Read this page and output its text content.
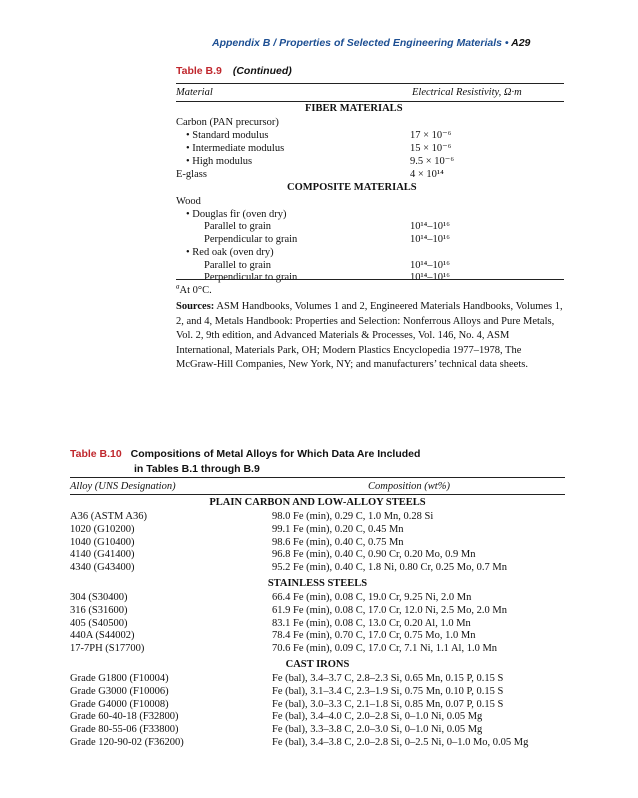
Appendix B / Properties of Selected Engineering Materials • A29
Table B.9 (Continued)
Material	Electrical Resistivity, Ω·m
FIBER MATERIALS
Carbon (PAN precursor)
• Standard modulus	17 × 10⁻⁶
• Intermediate modulus	15 × 10⁻⁶
• High modulus	9.5 × 10⁻⁶
E-glass	4 × 10¹⁴
COMPOSITE MATERIALS
Wood
• Douglas fir (oven dry)
Parallel to grain	10¹⁴–10¹⁶
Perpendicular to grain	10¹⁴–10¹⁶
• Red oak (oven dry)
Parallel to grain	10¹⁴–10¹⁶
Perpendicular to grain	10¹⁴–10¹⁶
$^a$At 0°C.
Sources: ASM Handbooks, Volumes 1 and 2, Engineered Materials Handbooks, Volumes 1, 2, and 4, Metals Handbook: Properties and Selection: Nonferrous Alloys and Pure Metals, Vol. 2, 9th edition, and Advanced Materials & Processes, Vol. 146, No. 4, ASM International, Materials Park, OH; Modern Plastics Encyclopedia 1977–1978, The McGraw-Hill Companies, New York, NY; and manufacturers’ technical data sheets.
Table B.10 Compositions of Metal Alloys for Which Data Are Included
in Tables B.1 through B.9
Alloy (UNS Designation)	Composition (wt%)
PLAIN CARBON AND LOW-ALLOY STEELS
A36 (ASTM A36)	98.0 Fe (min), 0.29 C, 1.0 Mn, 0.28 Si
1020 (G10200)	99.1 Fe (min), 0.20 C, 0.45 Mn
1040 (G10400)	98.6 Fe (min), 0.40 C, 0.75 Mn
4140 (G41400)	96.8 Fe (min), 0.40 C, 0.90 Cr, 0.20 Mo, 0.9 Mn
4340 (G43400)	95.2 Fe (min), 0.40 C, 1.8 Ni, 0.80 Cr, 0.25 Mo, 0.7 Mn
STAINLESS STEELS
304 (S30400)	66.4 Fe (min), 0.08 C, 19.0 Cr, 9.25 Ni, 2.0 Mn
316 (S31600)	61.9 Fe (min), 0.08 C, 17.0 Cr, 12.0 Ni, 2.5 Mo, 2.0 Mn
405 (S40500)	83.1 Fe (min), 0.08 C, 13.0 Cr, 0.20 Al, 1.0 Mn
440A (S44002)	78.4 Fe (min), 0.70 C, 17.0 Cr, 0.75 Mo, 1.0 Mn
17-7PH (S17700)	70.6 Fe (min), 0.09 C, 17.0 Cr, 7.1 Ni, 1.1 Al, 1.0 Mn
CAST IRONS
Grade G1800 (F10004)	Fe (bal), 3.4–3.7 C, 2.8–2.3 Si, 0.65 Mn, 0.15 P, 0.15 S
Grade G3000 (F10006)	Fe (bal), 3.1–3.4 C, 2.3–1.9 Si, 0.75 Mn, 0.10 P, 0.15 S
Grade G4000 (F10008)	Fe (bal), 3.0–3.3 C, 2.1–1.8 Si, 0.85 Mn, 0.07 P, 0.15 S
Grade 60-40-18 (F32800)	Fe (bal), 3.4–4.0 C, 2.0–2.8 Si, 0–1.0 Ni, 0.05 Mg
Grade 80-55-06 (F33800)	Fe (bal), 3.3–3.8 C, 2.0–3.0 Si, 0–1.0 Ni, 0.05 Mg
Grade 120-90-02 (F36200)	Fe (bal), 3.4–3.8 C, 2.0–2.8 Si, 0–2.5 Ni, 0–1.0 Mo, 0.05 Mg
